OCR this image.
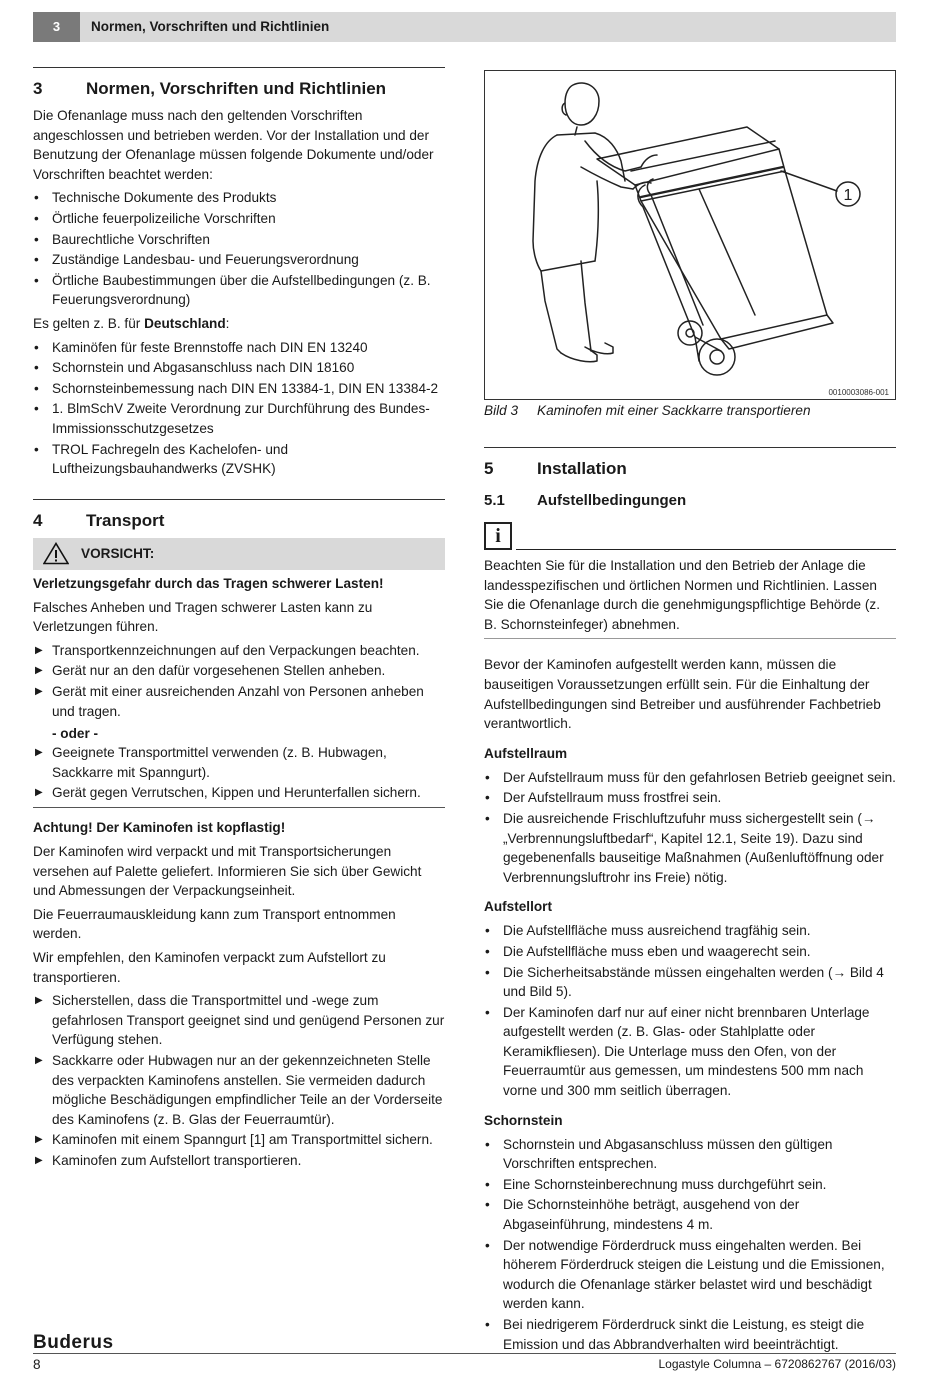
3	Normen, Vorschriften und Richtlinien
3	Normen, Vorschriften und Richtlinien

Die Ofenanlage muss nach den geltenden Vorschriften angeschlossen und betrieben werden. Vor der Installation und der Benutzung der Ofenanlage müssen folgende Dokumente und/oder Vorschriften beachtet werden:

• Technische Dokumente des Produkts
• Örtliche feuerpolizeiliche Vorschriften
• Baurechtliche Vorschriften
• Zuständige Landesbau- und Feuerungsverordnung
• Örtliche Baubestimmungen über die Aufstellbedingungen (z. B. Feuerungsverordnung)

Es gelten z. B. für Deutschland:

• Kaminöfen für feste Brennstoffe nach DIN EN 13240
• Schornstein und Abgasanschluss nach DIN 18160
• Schornsteinbemessung nach DIN EN 13384-1, DIN EN 13384-2
• 1. BlmSchV Zweite Verordnung zur Durchführung des Bundes-Immissionsschutzgesetzes
• TROL Fachregeln des Kachelofen- und Luftheizungsbauhandwerks (ZVSHK)
4	Transport
VORSICHT:
Verletzungsgefahr durch das Tragen schwerer Lasten!

Falsches Anheben und Tragen schwerer Lasten kann zu Verletzungen führen.

▶ Transportkennzeichnungen auf den Verpackungen beachten.
▶ Gerät nur an den dafür vorgesehenen Stellen anheben.
▶ Gerät mit einer ausreichenden Anzahl von Personen anheben und tragen.
- oder -
▶ Geeignete Transportmittel verwenden (z. B. Hubwagen, Sackkarre mit Spanngurt).
▶ Gerät gegen Verrutschen, Kippen und Herunterfallen sichern.
Achtung! Der Kaminofen ist kopflastig!

Der Kaminofen wird verpackt und mit Transportsicherungen versehen auf Palette geliefert. Informieren Sie sich über Gewicht und Abmessungen der Verpackungseinheit.

Die Feuerraumauskleidung kann zum Transport entnommen werden.

Wir empfehlen, den Kaminofen verpackt zum Aufstellort zu transportieren.

▶ Sicherstellen, dass die Transportmittel und -wege zum gefahrlosen Transport geeignet sind und genügend Personen zur Verfügung stehen.
▶ Sackkarre oder Hubwagen nur an der gekennzeichneten Stelle des verpackten Kaminofens anstellen. Sie vermeiden dadurch mögliche Beschädigungen empfindlicher Teile an der Vorderseite des Kaminofens (z. B. Glas der Feuerraumtür).
▶ Kaminofen mit einem Spanngurt [1] am Transportmittel sichern.
▶ Kaminofen zum Aufstellort transportieren.
1
0010003086-001
Bild 3	Kaminofen mit einer Sackkarre transportieren
5	Installation
5.1	Aufstellbedingungen
i

Beachten Sie für die Installation und den Betrieb der Anlage die landesspezifischen und örtlichen Normen und Richtlinien. Lassen Sie die Ofenanlage durch die genehmigungspflichtige Behörde (z. B. Schornsteinfeger) abnehmen.

Bevor der Kaminofen aufgestellt werden kann, müssen die bauseitigen Voraussetzungen erfüllt sein. Für die Einhaltung der Aufstellbedingungen sind Betreiber und ausführender Fachbetrieb verantwortlich.

Aufstellraum
• Der Aufstellraum muss für den gefahrlosen Betrieb geeignet sein.
• Der Aufstellraum muss frostfrei sein.
• Die ausreichende Frischluftzufuhr muss sichergestellt sein (→ „Verbrennungsluftbedarf“, Kapitel 12.1, Seite 19). Dazu sind gegebenenfalls bauseitige Maßnahmen (Außenluftöffnung oder Verbrennungsluftrohr ins Freie) nötig.
Aufstellort
• Die Aufstellfläche muss ausreichend tragfähig sein.
• Die Aufstellfläche muss eben und waagerecht sein.
• Die Sicherheitsabstände müssen eingehalten werden (→ Bild 4 und Bild 5).
• Der Kaminofen darf nur auf einer nicht brennbaren Unterlage aufgestellt werden (z. B. Glas- oder Stahlplatte oder Keramikfliesen). Die Unterlage muss den Ofen, von der Feuerraumtür aus gemessen, um mindestens 500 mm nach vorne und 300 mm seitlich überragen.
Schornstein
• Schornstein und Abgasanschluss müssen den gültigen Vorschriften entsprechen.
• Eine Schornsteinberechnung muss durchgeführt sein.
• Die Schornsteinhöhe beträgt, ausgehend von der Abgaseinführung, mindestens 4 m.
• Der notwendige Förderdruck muss eingehalten werden. Bei höherem Förderdruck steigen die Leistung und die Emissionen, wodurch die Ofenanlage stärker belastet wird und beschädigt werden kann.
• Bei niedrigerem Förderdruck sinkt die Leistung, es steigt die Emission und das Abbrandverhalten wird beeinträchtigt.
Buderus
8	Logastyle Columna – 6720862767 (2016/03)
